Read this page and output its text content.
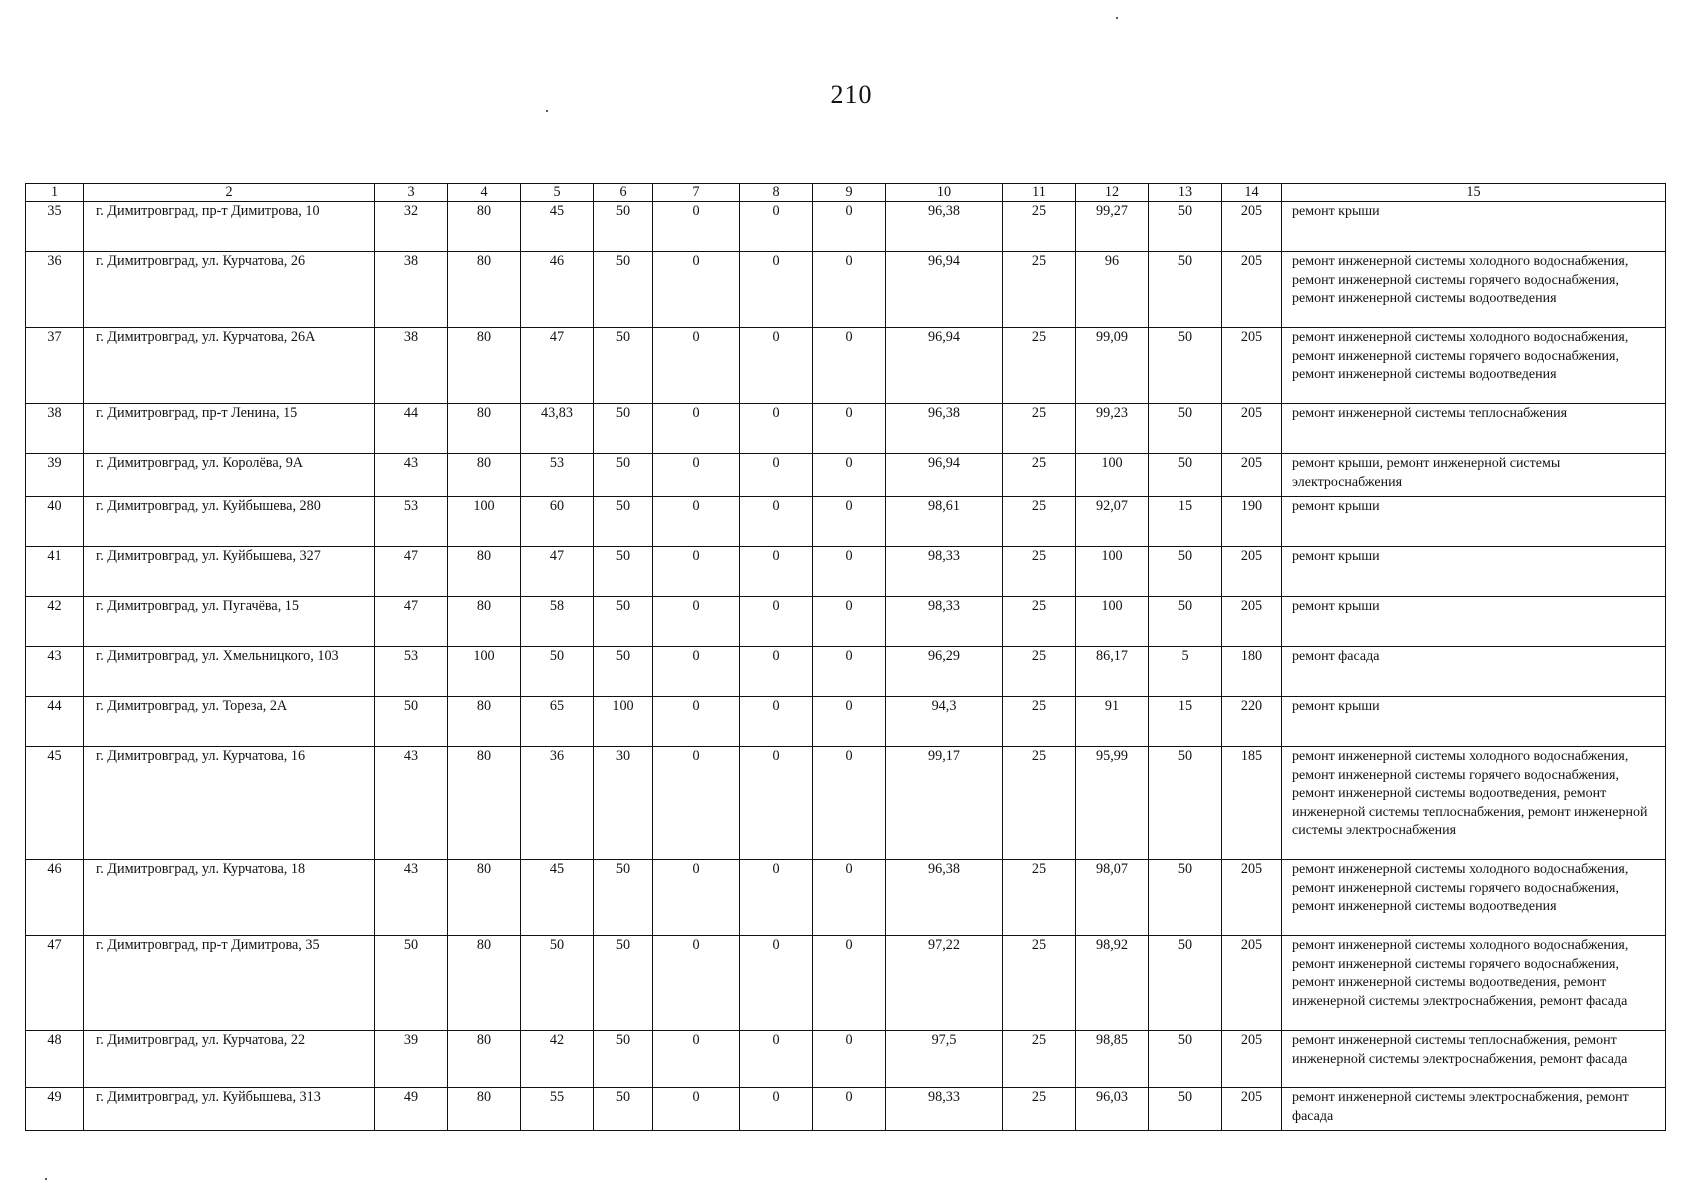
210
1	2	3	4	5	6	7	8	9	10	11	12	13	14	15
35	г. Димитровград, пр-т Димитрова, 10	32	80	45	50	0	0	0	96,38	25	99,27	50	205	ремонт крыши
36	г. Димитровград, ул. Курчатова, 26	38	80	46	50	0	0	0	96,94	25	96	50	205	ремонт инженерной системы холодного водоснабжения, ремонт инженерной системы горячего водоснабжения, ремонт инженерной системы водоотведения
37	г. Димитровград, ул. Курчатова, 26А	38	80	47	50	0	0	0	96,94	25	99,09	50	205	ремонт инженерной системы холодного водоснабжения, ремонт инженерной системы горячего водоснабжения, ремонт инженерной системы водоотведения
38	г. Димитровград, пр-т Ленина, 15	44	80	43,83	50	0	0	0	96,38	25	99,23	50	205	ремонт инженерной системы теплоснабжения
39	г. Димитровград, ул. Королёва, 9А	43	80	53	50	0	0	0	96,94	25	100	50	205	ремонт крыши, ремонт инженерной системы электроснабжения
40	г. Димитровград, ул. Куйбышева, 280	53	100	60	50	0	0	0	98,61	25	92,07	15	190	ремонт крыши
41	г. Димитровград, ул. Куйбышева, 327	47	80	47	50	0	0	0	98,33	25	100	50	205	ремонт крыши
42	г. Димитровград, ул. Пугачёва, 15	47	80	58	50	0	0	0	98,33	25	100	50	205	ремонт крыши
43	г. Димитровград, ул. Хмельницкого, 103	53	100	50	50	0	0	0	96,29	25	86,17	5	180	ремонт фасада
44	г. Димитровград, ул. Тореза, 2А	50	80	65	100	0	0	0	94,3	25	91	15	220	ремонт крыши
45	г. Димитровград, ул. Курчатова, 16	43	80	36	30	0	0	0	99,17	25	95,99	50	185	ремонт инженерной системы холодного водоснабжения, ремонт инженерной системы горячего водоснабжения, ремонт инженерной системы водоотведения, ремонт инженерной системы теплоснабжения, ремонт инженерной системы электроснабжения
46	г. Димитровград, ул. Курчатова, 18	43	80	45	50	0	0	0	96,38	25	98,07	50	205	ремонт инженерной системы холодного водоснабжения, ремонт инженерной системы горячего водоснабжения, ремонт инженерной системы водоотведения
47	г. Димитровград, пр-т Димитрова, 35	50	80	50	50	0	0	0	97,22	25	98,92	50	205	ремонт инженерной системы холодного водоснабжения, ремонт инженерной системы горячего водоснабжения, ремонт инженерной системы водоотведения, ремонт инженерной системы электроснабжения, ремонт фасада
48	г. Димитровград, ул. Курчатова, 22	39	80	42	50	0	0	0	97,5	25	98,85	50	205	ремонт инженерной системы теплоснабжения, ремонт инженерной системы электроснабжения, ремонт фасада
49	г. Димитровград, ул. Куйбышева, 313	49	80	55	50	0	0	0	98,33	25	96,03	50	205	ремонт инженерной системы электроснабжения, ремонт фасада
